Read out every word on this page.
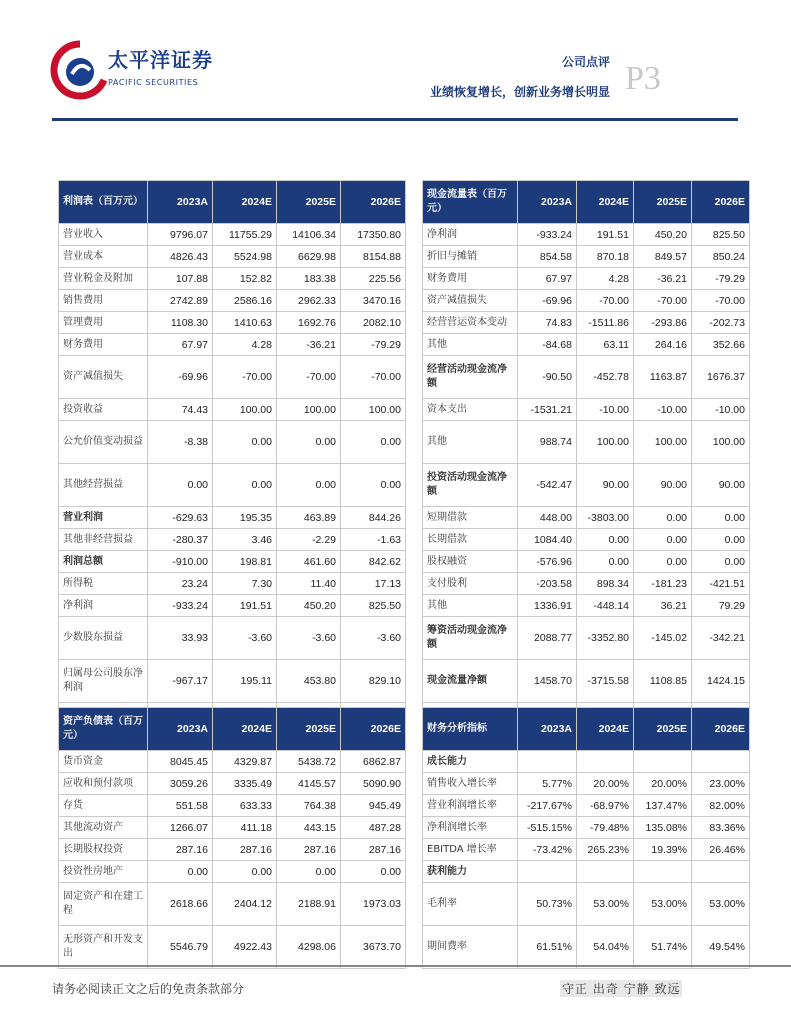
太平洋证券
PACIFIC SECURITIES
公司点评
业绩恢复增长，创新业务增长明显 P3
利润表（百万元）	2023A	2024E	2025E	2026E
营业收入	9796.07	11755.29	14106.34	17350.80
营业成本	4826.43	5524.98	6629.98	8154.88
营业税金及附加	107.88	152.82	183.38	225.56
销售费用	2742.89	2586.16	2962.33	3470.16
管理费用	1108.30	1410.63	1692.76	2082.10
财务费用	67.97	4.28	-36.21	-79.29
资产减值损失	-69.96	-70.00	-70.00	-70.00
投资收益	74.43	100.00	100.00	100.00
公允价值变动损益	-8.38	0.00	0.00	0.00
其他经营损益	0.00	0.00	0.00	0.00
营业利润	-629.63	195.35	463.89	844.26
其他非经营损益	-280.37	3.46	-2.29	-1.63
利润总额	-910.00	198.81	461.60	842.62
所得税	23.24	7.30	11.40	17.13
净利润	-933.24	191.51	450.20	825.50
少数股东损益	33.93	-3.60	-3.60	-3.60
归属母公司股东净利润	-967.17	195.11	453.80	829.10

现金流量表（百万元）	2023A	2024E	2025E	2026E
净利润	-933.24	191.51	450.20	825.50
折旧与摊销	854.58	870.18	849.57	850.24
财务费用	67.97	4.28	-36.21	-79.29
资产减值损失	-69.96	-70.00	-70.00	-70.00
经营营运资本变动	74.83	-1511.86	-293.86	-202.73
其他	-84.68	63.11	264.16	352.66
经营活动现金流净额	-90.50	-452.78	1163.87	1676.37
资本支出	-1531.21	-10.00	-10.00	-10.00
其他	988.74	100.00	100.00	100.00
投资活动现金流净额	-542.47	90.00	90.00	90.00
短期借款	448.00	-3803.00	0.00	0.00
长期借款	1084.40	0.00	0.00	0.00
股权融资	-576.96	0.00	0.00	0.00
支付股利	-203.58	898.34	-181.23	-421.51
其他	1336.91	-448.14	36.21	79.29
筹资活动现金流净额	2088.77	-3352.80	-145.02	-342.21
现金流量净额	1458.70	-3715.58	1108.85	1424.15

资产负债表（百万元）	2023A	2024E	2025E	2026E
货币资金	8045.45	4329.87	5438.72	6862.87
应收和预付款项	3059.26	3335.49	4145.57	5090.90
存货	551.58	633.33	764.38	945.49
其他流动资产	1266.07	411.18	443.15	487.28
长期股权投资	287.16	287.16	287.16	287.16
投资性房地产	0.00	0.00	0.00	0.00
固定资产和在建工程	2618.66	2404.12	2188.91	1973.03
无形资产和开发支出	5546.79	4922.43	4298.06	3673.70
财务分析指标	2023A	2024E	2025E	2026E
成长能力				
销售收入增长率	5.77%	20.00%	20.00%	23.00%
营业利润增长率	-217.67%	-68.97%	137.47%	82.00%
净利润增长率	-515.15%	-79.48%	135.08%	83.36%
EBITDA 增长率	-73.42%	265.23%	19.39%	26.46%
获利能力				
毛利率	50.73%	53.00%	53.00%	53.00%
期间费率	61.51%	54.04%	51.74%	49.54%
请务必阅读正文之后的免责条款部分	守正 出奇 宁静 致远
